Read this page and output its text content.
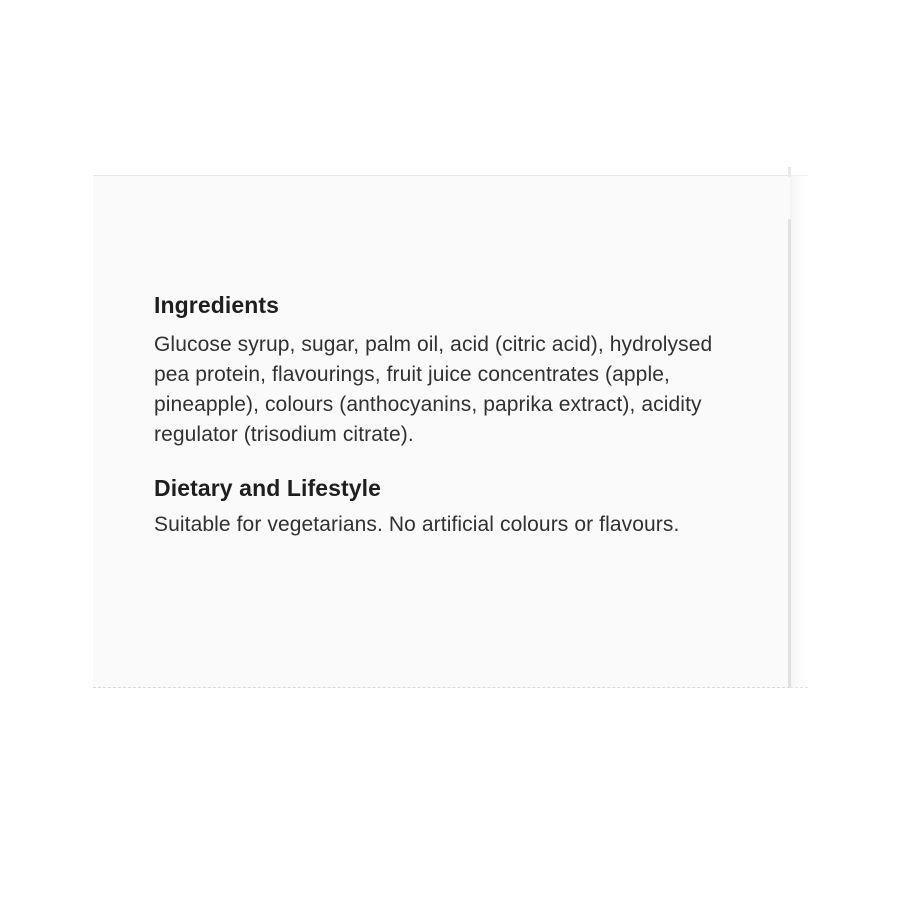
Ingredients

Glucose syrup, sugar, palm oil, acid (citric acid), hydrolysed pea protein, flavourings, fruit juice concentrates (apple, pineapple), colours (anthocyanins, paprika extract), acidity regulator (trisodium citrate).

Dietary and Lifestyle

Suitable for vegetarians. No artificial colours or flavours.
